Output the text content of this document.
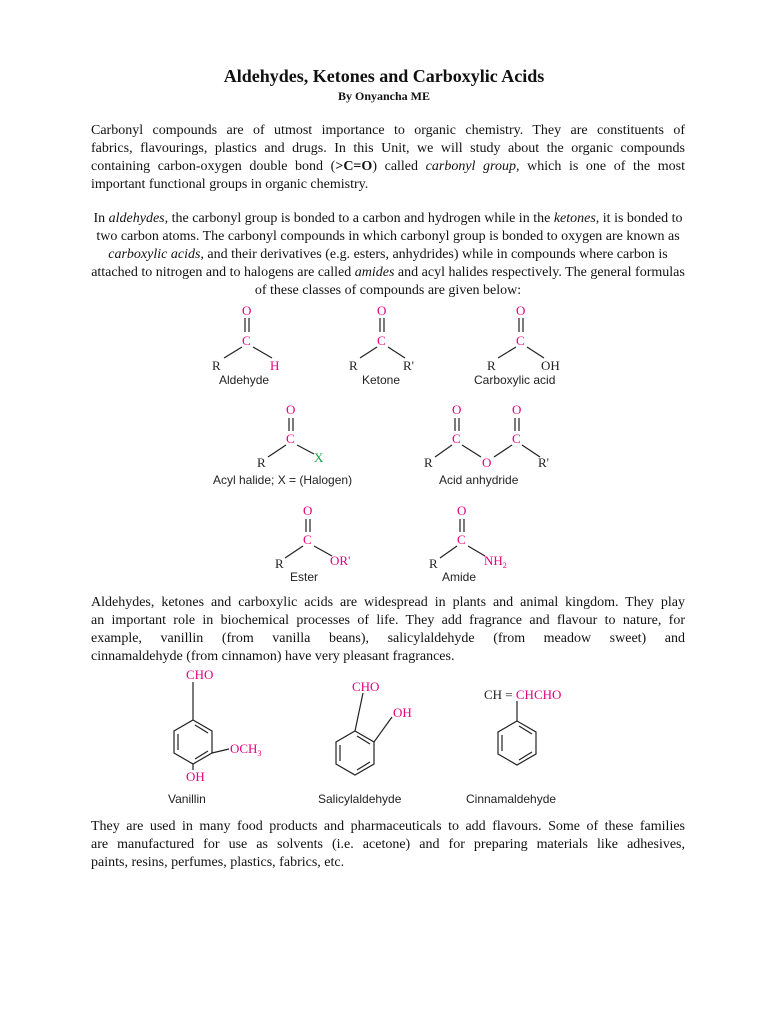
Aldehydes, Ketones and Carboxylic Acids
By Onyancha ME
Carbonyl compounds are of utmost importance to organic chemistry. They are constituents of
fabrics, flavourings, plastics and drugs. In this Unit, we will study about the organic compounds
containing carbon-oxygen double bond (>C=O) called carbonyl group, which is one of the most
important functional groups in organic chemistry.
In aldehydes, the carbonyl group is bonded to a carbon and hydrogen while in the ketones, it is bonded to two carbon atoms. The carbonyl compounds in which carbonyl group is bonded to oxygen are known as carboxylic acids, and their derivatives (e.g. esters, anhydrides) while in compounds where carbon is attached to nitrogen and to halogens are called amides and acyl halides respectively. The general formulas of these classes of compounds are given below:
O
C
R	H
Aldehyde
O
C
R	R'
Ketone
O
C
R	OH
Carboxylic acid
O
C
R	X
Acyl halide; X = (Halogen)
O	O
C	C
O
R	R'
Acid anhydride
O
C
R	OR'
Ester
O
C
R	$NH_2$
Amide
Aldehydes, ketones and carboxylic acids are widespread in plants and animal kingdom. They play
an important role in biochemical processes of life. They add fragrance and flavour to nature, for
example, vanillin (from vanilla beans), salicylaldehyde (from meadow sweet) and
cinnamaldehyde (from cinnamon) have very pleasant fragrances.
CHO
$OCH_3$
OH
Vanillin
CHO
OH
Salicylaldehyde
CH = CHCHO
Cinnamaldehyde
They are used in many food products and pharmaceuticals to add flavours. Some of these families
are manufactured for use as solvents (i.e. acetone) and for preparing materials like adhesives,
paints, resins, perfumes, plastics, fabrics, etc.
